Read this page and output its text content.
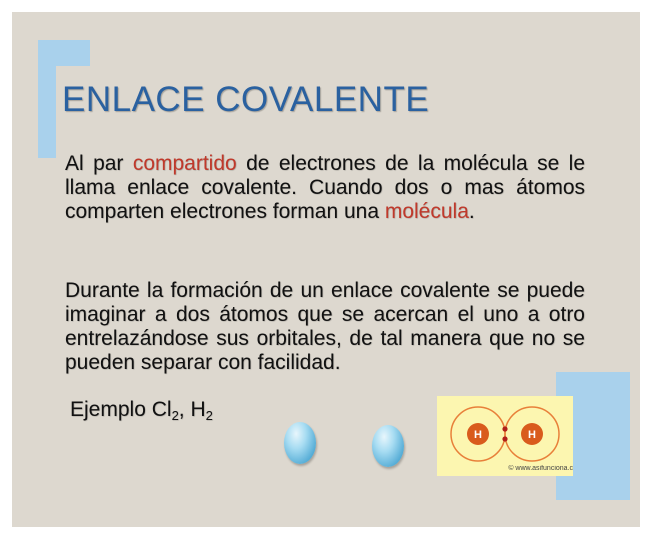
ENLACE COVALENTE
Al par compartido de electrones de la molécula se le llama enlace covalente. Cuando dos o mas átomos comparten electrones forman una molécula.
Durante la formación de un enlace covalente se puede imaginar a dos átomos que se acercan el uno a otro entrelazándose sus orbitales, de tal manera que no se pueden separar con facilidad.
Ejemplo $Cl_2$, $H_2$
H	H
© www.asifunciona.c
